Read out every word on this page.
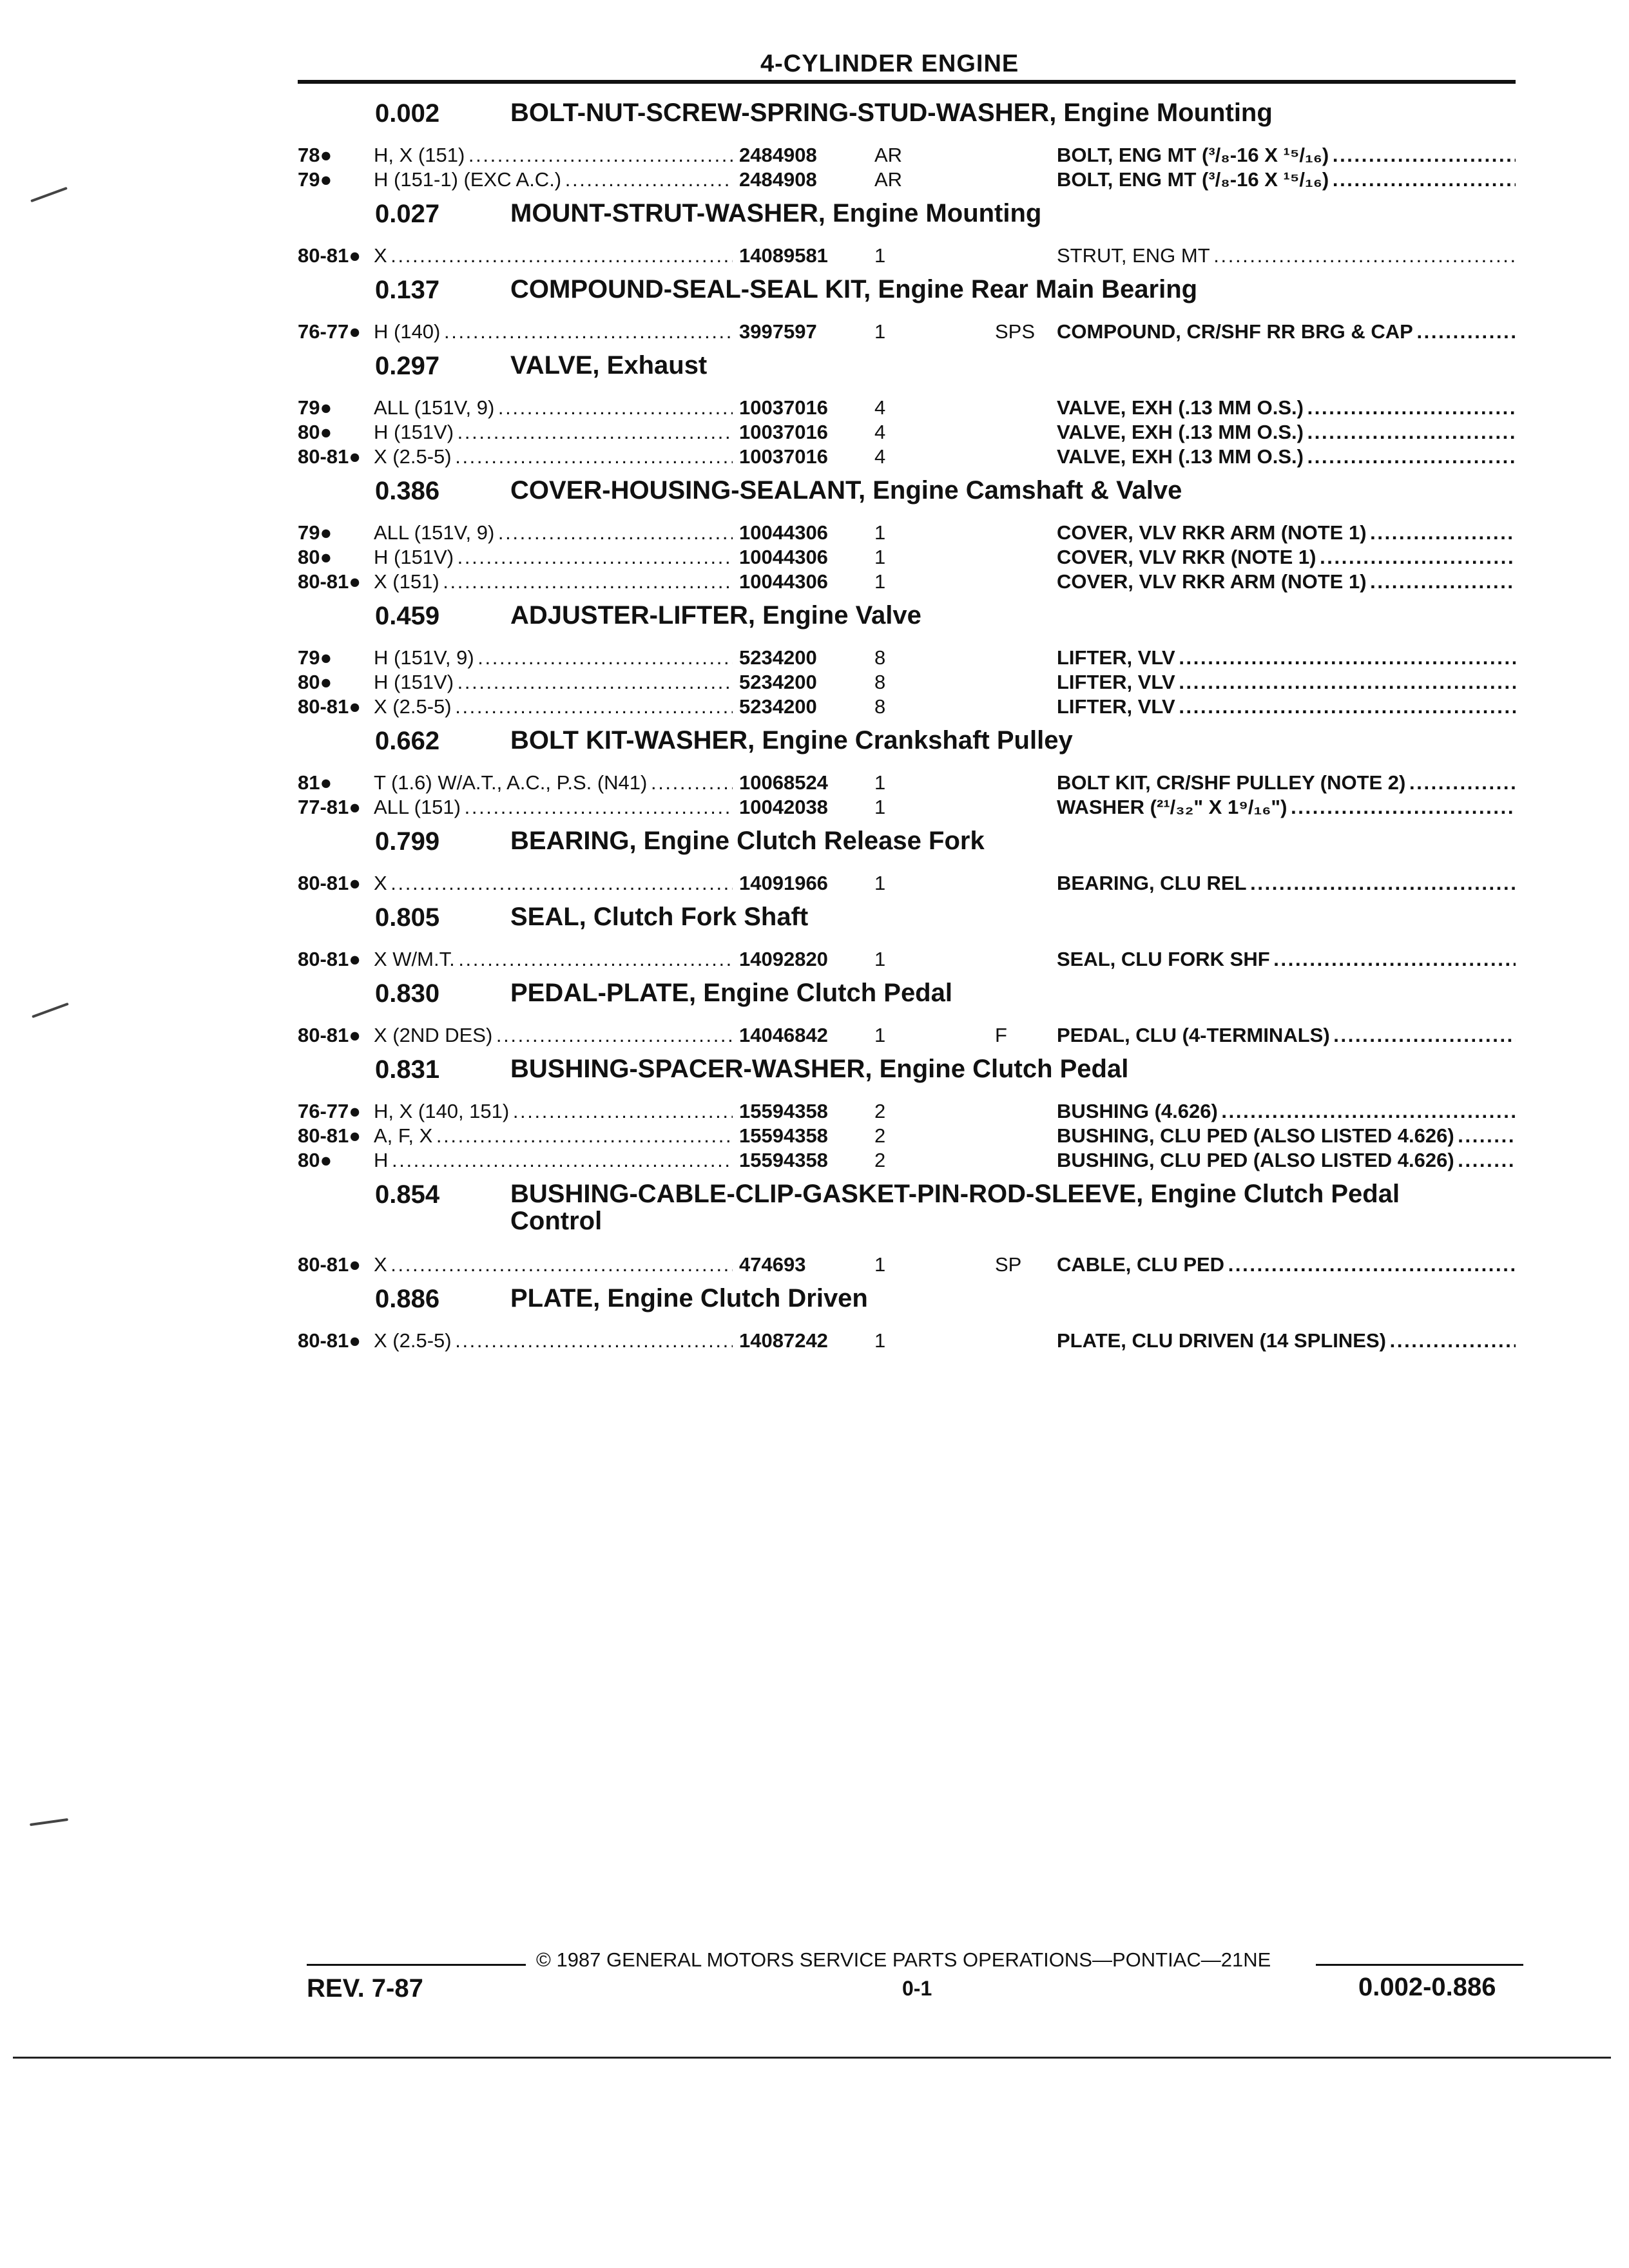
4-CYLINDER ENGINE
0.002	BOLT-NUT-SCREW-SPRING-STUD-WASHER, Engine Mounting
78● H, X (151) . . .	2484908	AR	BOLT, ENG MT (³/₈-16 X ¹⁵/₁₆) . . .
79● H (151-1) (EXC A.C.) . . .	2484908	AR	BOLT, ENG MT (³/₈-16 X ¹⁵/₁₆) . . .
0.027	MOUNT-STRUT-WASHER, Engine Mounting
80-81● X . . .	14089581 1	STRUT, ENG MT . . .
0.137	COMPOUND-SEAL-SEAL KIT, Engine Rear Main Bearing
76-77● H (140) . . .	3997597	1	SPS COMPOUND, CR/SHF RR BRG & CAP . . .
0.297	VALVE, Exhaust
79● ALL (151V, 9) . . .	10037016 4	VALVE, EXH (.13 MM O.S.) . . .
80● H (151V) . . .	10037016 4	VALVE, EXH (.13 MM O.S.) . . .
80-81● X (2.5-5) . . .	10037016 4	VALVE, EXH (.13 MM O.S.) . . .
0.386	COVER-HOUSING-SEALANT, Engine Camshaft & Valve
79● ALL (151V, 9) . . .	10044306 1	COVER, VLV RKR ARM (NOTE 1) . . .
80● H (151V) . . .	10044306 1	COVER, VLV RKR (NOTE 1) . . .
80-81● X (151) . . .	10044306 1	COVER, VLV RKR ARM (NOTE 1) . . .
0.459	ADJUSTER-LIFTER, Engine Valve
79● H (151V, 9) . . .	5234200	8	LIFTER, VLV . . .
80● H (151V) . . .	5234200	8	LIFTER, VLV . . .
80-81● X (2.5-5) . . .	5234200	8	LIFTER, VLV . . .
0.662	BOLT KIT-WASHER, Engine Crankshaft Pulley
81● T (1.6) W/A.T., A.C., P.S. (N41) . . .	10068524 1	BOLT KIT, CR/SHF PULLEY (NOTE 2) . . .
77-81● ALL (151) . . .	10042038 1	WASHER (²¹/₃₂" X 1⁹/₁₆") . . .
0.799	BEARING, Engine Clutch Release Fork
80-81● X . . .	14091966 1	BEARING, CLU REL . . .
0.805	SEAL, Clutch Fork Shaft
80-81● X W/M.T. . . .	14092820 1	SEAL, CLU FORK SHF . . .
0.830	PEDAL-PLATE, Engine Clutch Pedal
80-81● X (2ND DES) . . .	14046842 1	F PEDAL, CLU (4-TERMINALS) . . .
0.831	BUSHING-SPACER-WASHER, Engine Clutch Pedal
76-77● H, X (140, 151) . . .	15594358 2	BUSHING (4.626) . . .
80-81● A, F, X . . .	15594358 2	BUSHING, CLU PED (ALSO LISTED 4.626) . . .
80● H . . .	15594358 2	BUSHING, CLU PED (ALSO LISTED 4.626) . . .
0.854	BUSHING-CABLE-CLIP-GASKET-PIN-ROD-SLEEVE, Engine Clutch Pedal Control
80-81● X . . .	474693	1	SP CABLE, CLU PED . . .
0.886	PLATE, Engine Clutch Driven
80-81● X (2.5-5) . . .	14087242 1	PLATE, CLU DRIVEN (14 SPLINES) . . .
© 1987 GENERAL MOTORS SERVICE PARTS OPERATIONS—PONTIAC—21NE
REV. 7-87	0-1	0.002-0.886
